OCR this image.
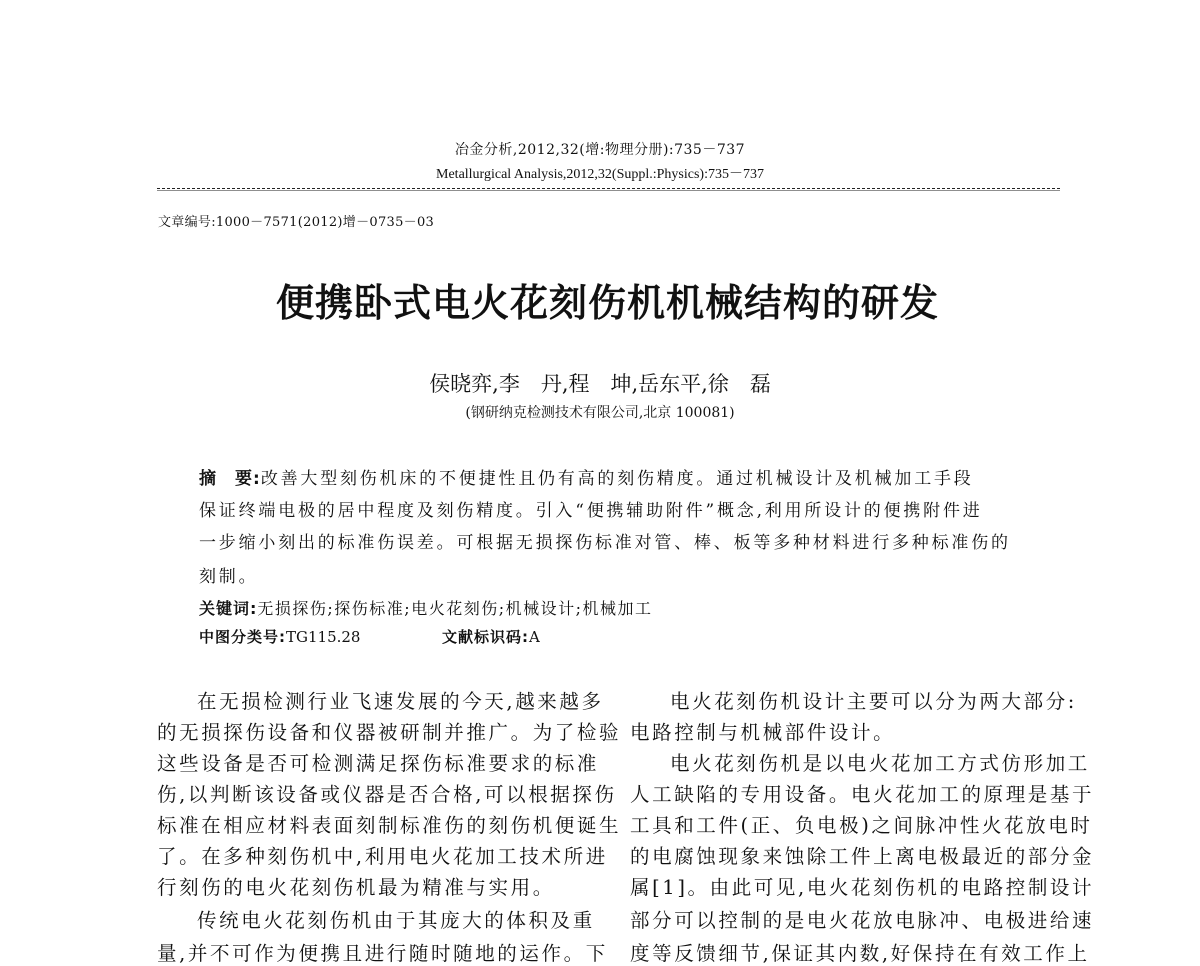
冶金分析,2012,32(增:物理分册):735－737
Metallurgical Analysis,2012,32(Suppl.:Physics):735－737
文章编号:1000－7571(2012)增－0735－03
便携卧式电火花刻伤机机械结构的研发
侯晓弈,李　丹,程　坤,岳东平,徐　磊
(钢研纳克检测技术有限公司,北京 100081)
摘　要:改善大型刻伤机床的不便捷性且仍有高的刻伤精度。通过机械设计及机械加工手段
保证终端电极的居中程度及刻伤精度。引入“便携辅助附件”概念,利用所设计的便携附件进
一步缩小刻出的标准伤误差。可根据无损探伤标准对管、棒、板等多种材料进行多种标准伤的
刻制。
关键词:无损探伤;探伤标准;电火花刻伤;机械设计;机械加工
中图分类号:TG115.28	文献标识码:A
在无损检测行业飞速发展的今天,越来越多
的无损探伤设备和仪器被研制并推广。为了检验
这些设备是否可检测满足探伤标准要求的标准
伤,以判断该设备或仪器是否合格,可以根据探伤
标准在相应材料表面刻制标准伤的刻伤机便诞生
了。在多种刻伤机中,利用电火花加工技术所进
行刻伤的电火花刻伤机最为精准与实用。
传统电火花刻伤机由于其庞大的体积及重
量,并不可作为便携且进行随时随地的运作。下
电火花刻伤机设计主要可以分为两大部分:
电路控制与机械部件设计。
电火花刻伤机是以电火花加工方式仿形加工
人工缺陷的专用设备。电火花加工的原理是基于
工具和工件(正、负电极)之间脉冲性火花放电时
的电腐蚀现象来蚀除工件上离电极最近的部分金
属[1]。由此可见,电火花刻伤机的电路控制设计
部分可以控制的是电火花放电脉冲、电极进给速
度等反馈细节,保证其内数,好保持在有效工作上
